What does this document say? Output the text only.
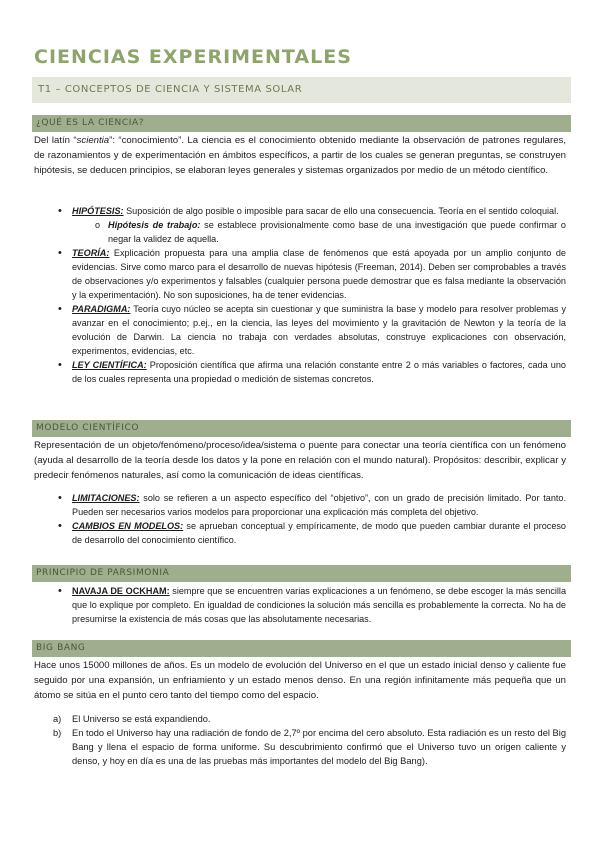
CIENCIAS EXPERIMENTALES
T1 – CONCEPTOS DE CIENCIA Y SISTEMA SOLAR
¿QUÉ ES LA CIENCIA?

Del latín “scientia”: “conocimiento”. La ciencia es el conocimiento obtenido mediante la observación de patrones regulares, de razonamientos y de experimentación en ámbitos específicos, a partir de los cuales se generan preguntas, se construyen hipótesis, se deducen principios, se elaboran leyes generales y sistemas organizados por medio de un método científico.

• HIPÓTESIS: Suposición de algo posible o imposible para sacar de ello una consecuencia. Teoría en el sentido coloquial.
o Hipótesis de trabajo: se establece provisionalmente como base de una investigación que puede confirmar o negar la validez de aquella.
• TEORÍA: Explicación propuesta para una amplia clase de fenómenos que está apoyada por un amplio conjunto de evidencias. Sirve como marco para el desarrollo de nuevas hipótesis (Freeman, 2014). Deben ser comprobables a través de observaciones y/o experimentos y falsables (cualquier persona puede demostrar que es falsa mediante la observación y la experimentación). No son suposiciones, ha de tener evidencias.
• PARADIGMA: Teoría cuyo núcleo se acepta sin cuestionar y que suministra la base y modelo para resolver problemas y avanzar en el conocimiento; p.ej., en la ciencia, las leyes del movimiento y la gravitación de Newton y la teoría de la evolución de Darwin. La ciencia no trabaja con verdades absolutas, construye explicaciones con observación, experimentos, evidencias, etc.
• LEY CIENTÍFICA: Proposición científica que afirma una relación constante entre 2 o más variables o factores, cada uno de los cuales representa una propiedad o medición de sistemas concretos.
MODELO CIENTÍFICO

Representación de un objeto/fenómeno/proceso/idea/sistema o puente para conectar una teoría científica con un fenómeno (ayuda al desarrollo de la teoría desde los datos y la pone en relación con el mundo natural). Propósitos: describir, explicar y predecir fenómenos naturales, así como la comunicación de ideas científicas.

• LIMITACIONES: solo se refieren a un aspecto específico del “objetivo”, con un grado de precisión limitado. Por tanto. Pueden ser necesarios varios modelos para proporcionar una explicación más completa del objetivo.
• CAMBIOS EN MODELOS: se aprueban conceptual y empíricamente, de modo que pueden cambiar durante el proceso de desarrollo del conocimiento científico.
PRINCIPIO DE PARSIMONIA
• NAVAJA DE OCKHAM: siempre que se encuentren varias explicaciones a un fenómeno, se debe escoger la más sencilla que lo explique por completo. En igualdad de condiciones la solución más sencilla es probablemente la correcta. No ha de presumirse la existencia de más cosas que las absolutamente necesarias.
BIG BANG

Hace unos 15000 millones de años. Es un modelo de evolución del Universo en el que un estado inicial denso y caliente fue seguido por una expansión, un enfriamiento y un estado menos denso. En una región infinitamente más pequeña que un átomo se sitúa en el punto cero tanto del tiempo como del espacio.

a) El Universo se está expandiendo.
b) En todo el Universo hay una radiación de fondo de 2,7º por encima del cero absoluto. Esta radiación es un resto del Big Bang y llena el espacio de forma uniforme. Su descubrimiento confirmó que el Universo tuvo un origen caliente y denso, y hoy en día es una de las pruebas más importantes del modelo del Big Bang).
